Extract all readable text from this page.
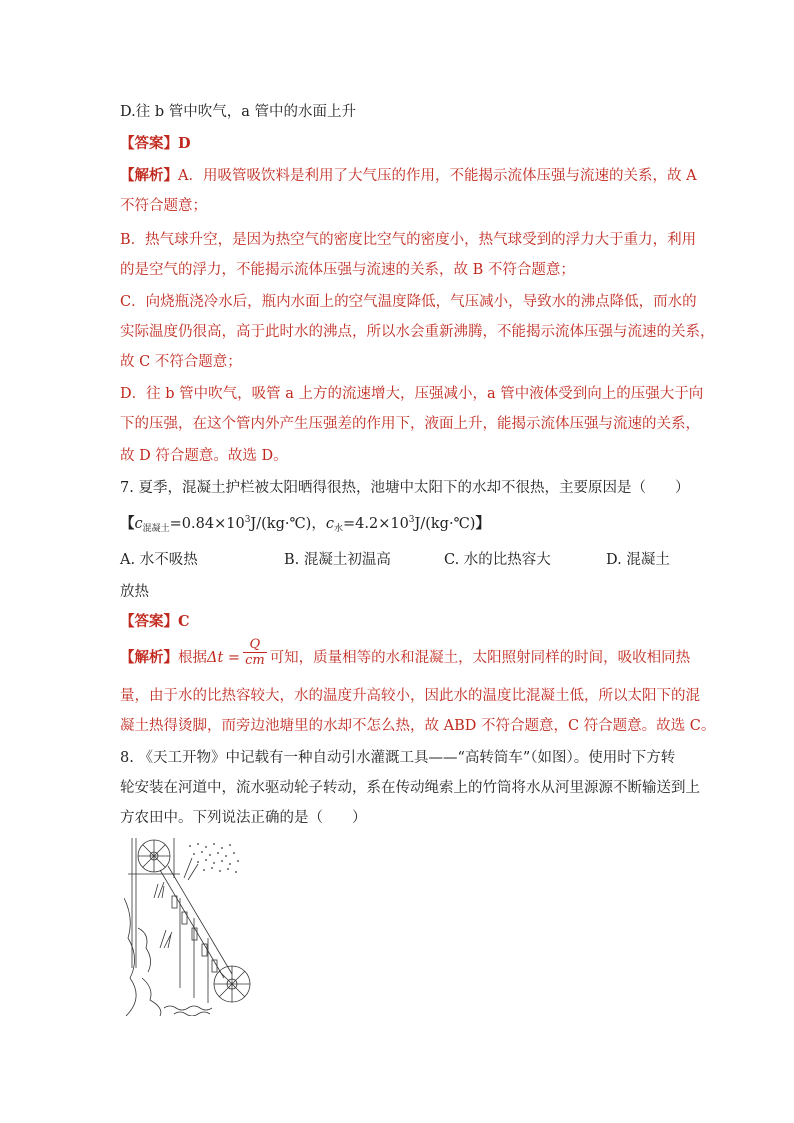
D.往 b 管中吹气，a 管中的水面上升
【答案】D
【解析】A．用吸管吸饮料是利用了大气压的作用，不能揭示流体压强与流速的关系，故 A
不符合题意；
B．热气球升空，是因为热空气的密度比空气的密度小，热气球受到的浮力大于重力，利用
的是空气的浮力，不能揭示流体压强与流速的关系，故 B 不符合题意；
C．向烧瓶浇冷水后，瓶内水面上的空气温度降低，气压减小，导致水的沸点降低，而水的
实际温度仍很高，高于此时水的沸点，所以水会重新沸腾，不能揭示流体压强与流速的关系，
故 C 不符合题意；
D．往 b 管中吹气，吸管 a 上方的流速增大，压强减小，a 管中液体受到向上的压强大于向
下的压强，在这个管内外产生压强差的作用下，液面上升，能揭示流体压强与流速的关系，
故 D 符合题意。故选 D。
7. 夏季，混凝土护栏被太阳晒得很热，池塘中太阳下的水却不很热，主要原因是（　　）
【$c_{混凝土}=0.84\times 10^3J/(kg\cdot℃)$，$c_水=4.2\times 10^3J/(kg\cdot℃)$】
A. 水不吸热	B. 混凝土初温高	C. 水的比热容大	D. 混凝土
放热
【答案】C
【解析】根据$\Delta t = \frac{Q}{cm}$ 可知，质量相等的水和混凝土，太阳照射同样的时间，吸收相同热
量，由于水的比热容较大，水的温度升高较小，因此水的温度比混凝土低，所以太阳下的混
凝土热得烫脚，而旁边池塘里的水却不怎么热，故 ABD 不符合题意，C 符合题意。故选 C。
8. 《天工开物》中记载有一种自动引水灌溉工具——“高转筒车”（如图）。使用时下方转
轮安装在河道中，流水驱动轮子转动，系在传动绳索上的竹筒将水从河里源源不断输送到上
方农田中。下列说法正确的是（　　）
